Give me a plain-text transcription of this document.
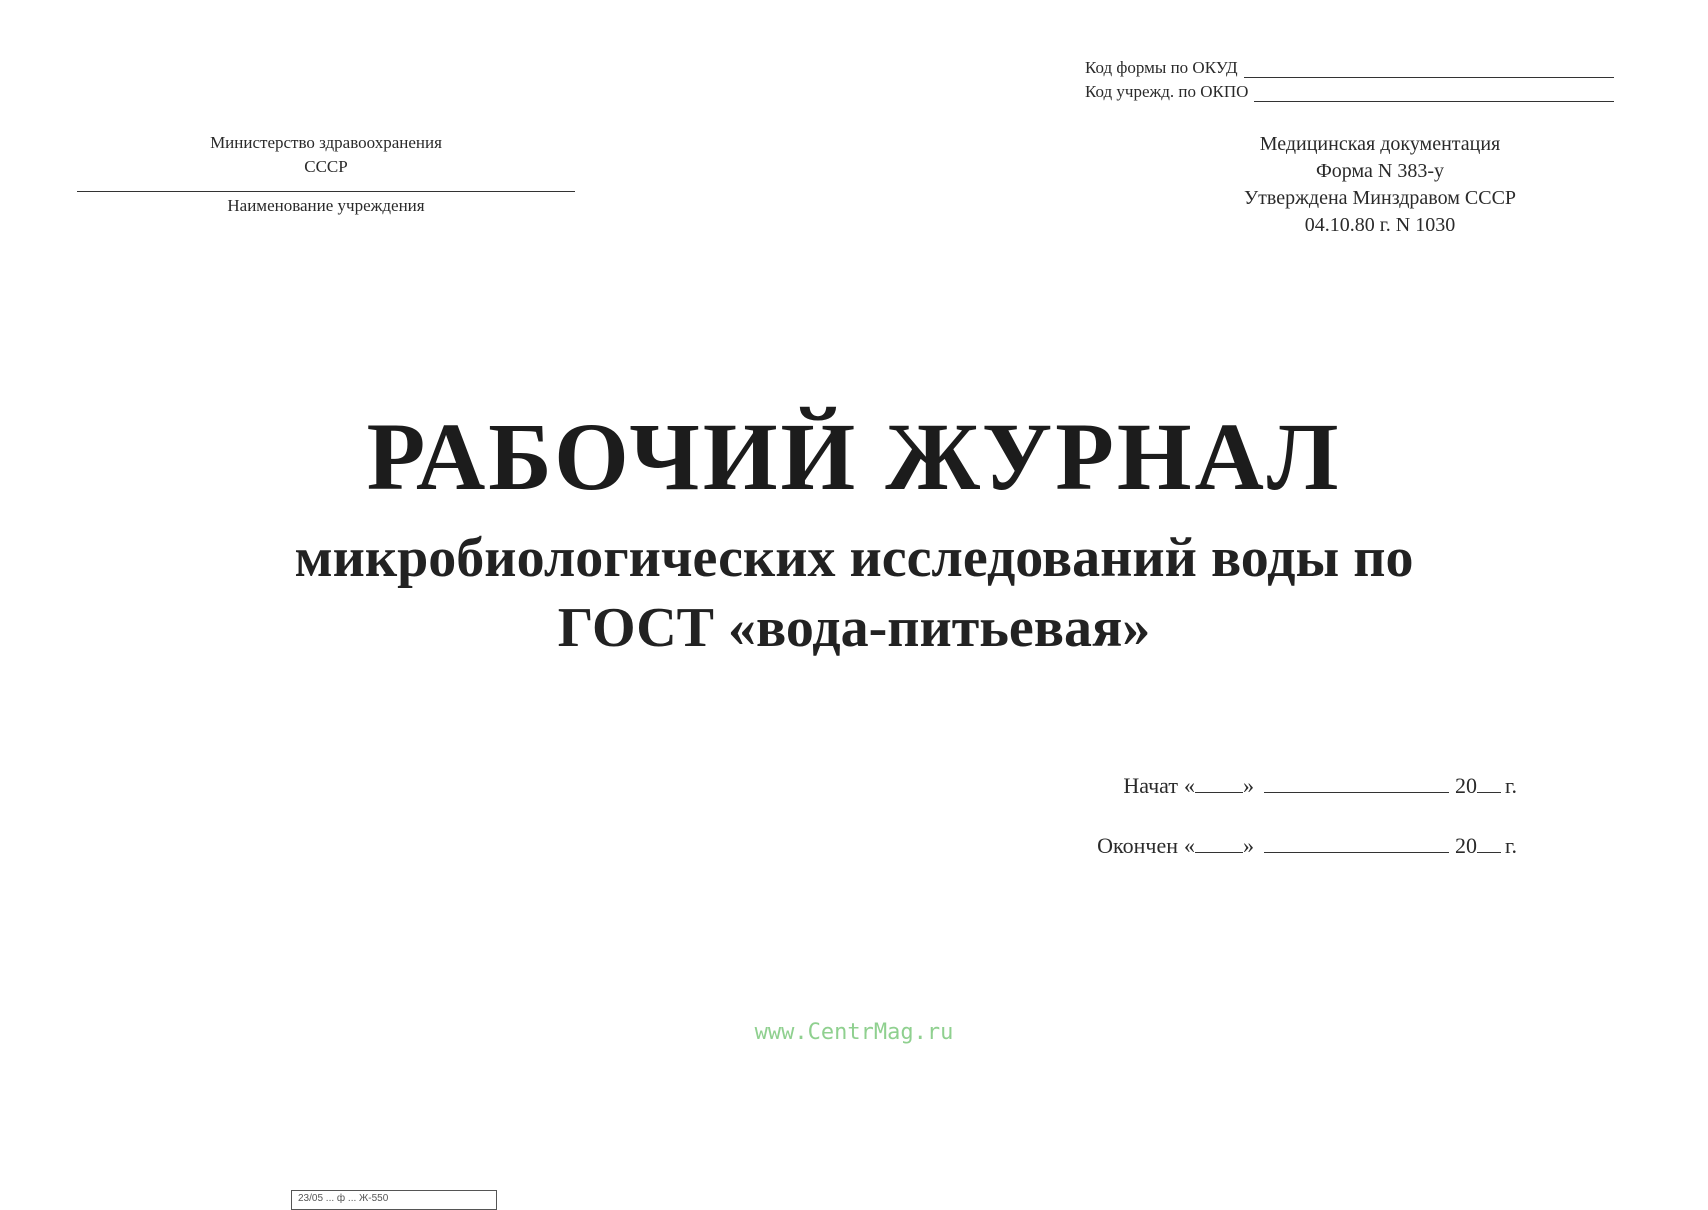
Код формы по ОКУД
Код учрежд. по ОКПО
Министерство здравоохранения
СССР
Наименование учреждения
Медицинская документация
Форма N 383-у
Утверждена Минздравом СССР
04.10.80 г. N 1030
РАБОЧИЙ ЖУРНАЛ
микробиологических исследований воды по
ГОСТ «вода-питьевая»
Начат « »	20 г.
Окончен « »	20 г.
www.CentrMag.ru
23/05 ... ф ... Ж-550
